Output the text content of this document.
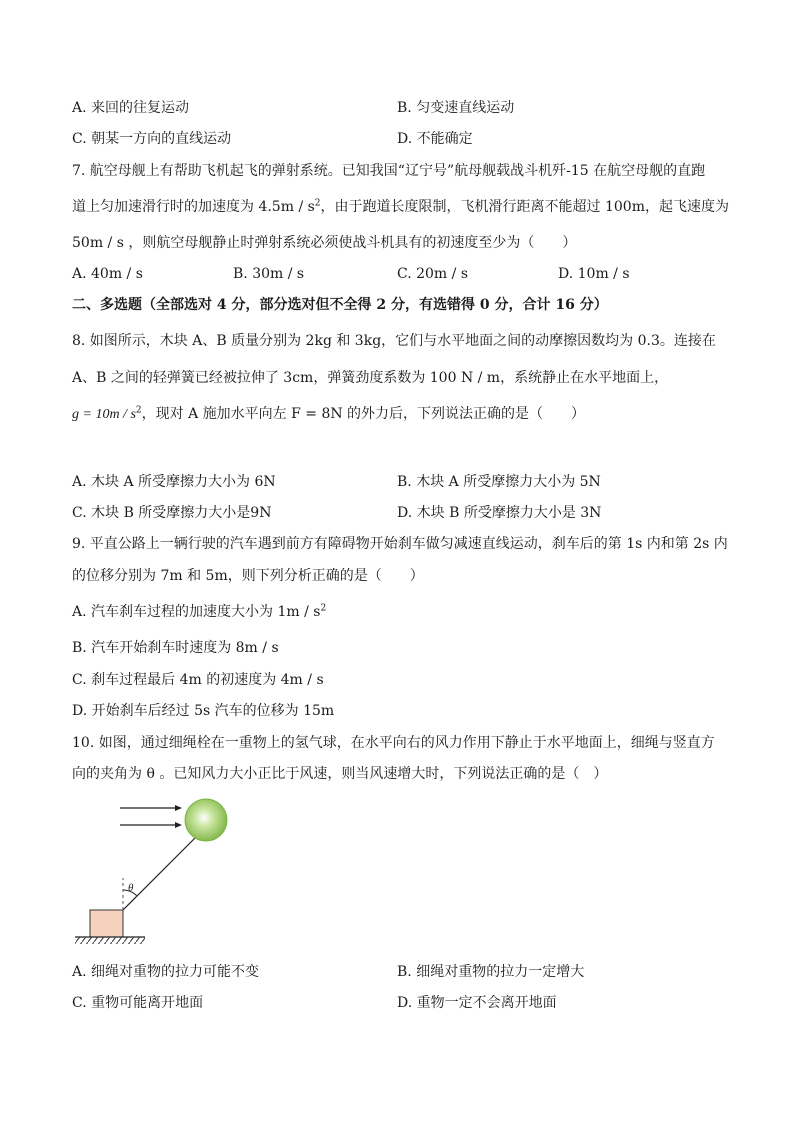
A. 来回的往复运动	B. 匀变速直线运动
C. 朝某一方向的直线运动	D. 不能确定
7. 航空母舰上有帮助飞机起飞的弹射系统。已知我国“辽宁号”航母舰载战斗机歼-15 在航空母舰的直跑
道上匀加速滑行时的加速度为 $4.5m / s^2$，由于跑道长度限制，飞机滑行距离不能超过 100m，起飞速度为
50m / s ，则航空母舰静止时弹射系统必须使战斗机具有的初速度至少为（　　）
A. 40m / s	B. 30m / s	C. 20m / s	D. 10m / s
二、多选题（全部选对 4 分，部分选对但不全得 2 分，有选错得 0 分，合计 16 分）
8. 如图所示，木块 A、B 质量分别为 2kg 和 3kg，它们与水平地面之间的动摩擦因数均为 0.3。连接在
A、B 之间的轻弹簧已经被拉伸了 3cm，弹簧劲度系数为 100 N / m，系统静止在水平地面上，
$g = 10m / s^2$，现对 A 施加水平向左 F = 8N 的外力后，下列说法正确的是（　　）
A. 木块 A 所受摩擦力大小为 6N	B. 木块 A 所受摩擦力大小为 5N
C. 木块 B 所受摩擦力大小是9N	D. 木块 B 所受摩擦力大小是 3N
9. 平直公路上一辆行驶的汽车遇到前方有障碍物开始刹车做匀减速直线运动，刹车后的第 1s 内和第 2s 内
的位移分别为 7m 和 5m，则下列分析正确的是（　　）
A. 汽车刹车过程的加速度大小为 $1m / s^2$
B. 汽车开始刹车时速度为 8m / s
C. 刹车过程最后 4m 的初速度为 4m / s
D. 开始刹车后经过 5s 汽车的位移为 15m
10. 如图，通过细绳栓在一重物上的氢气球，在水平向右的风力作用下静止于水平地面上，细绳与竖直方
向的夹角为 θ 。已知风力大小正比于风速，则当风速增大时，下列说法正确的是（　）
θ
A. 细绳对重物的拉力可能不变	B. 细绳对重物的拉力一定增大
C. 重物可能离开地面	D. 重物一定不会离开地面
